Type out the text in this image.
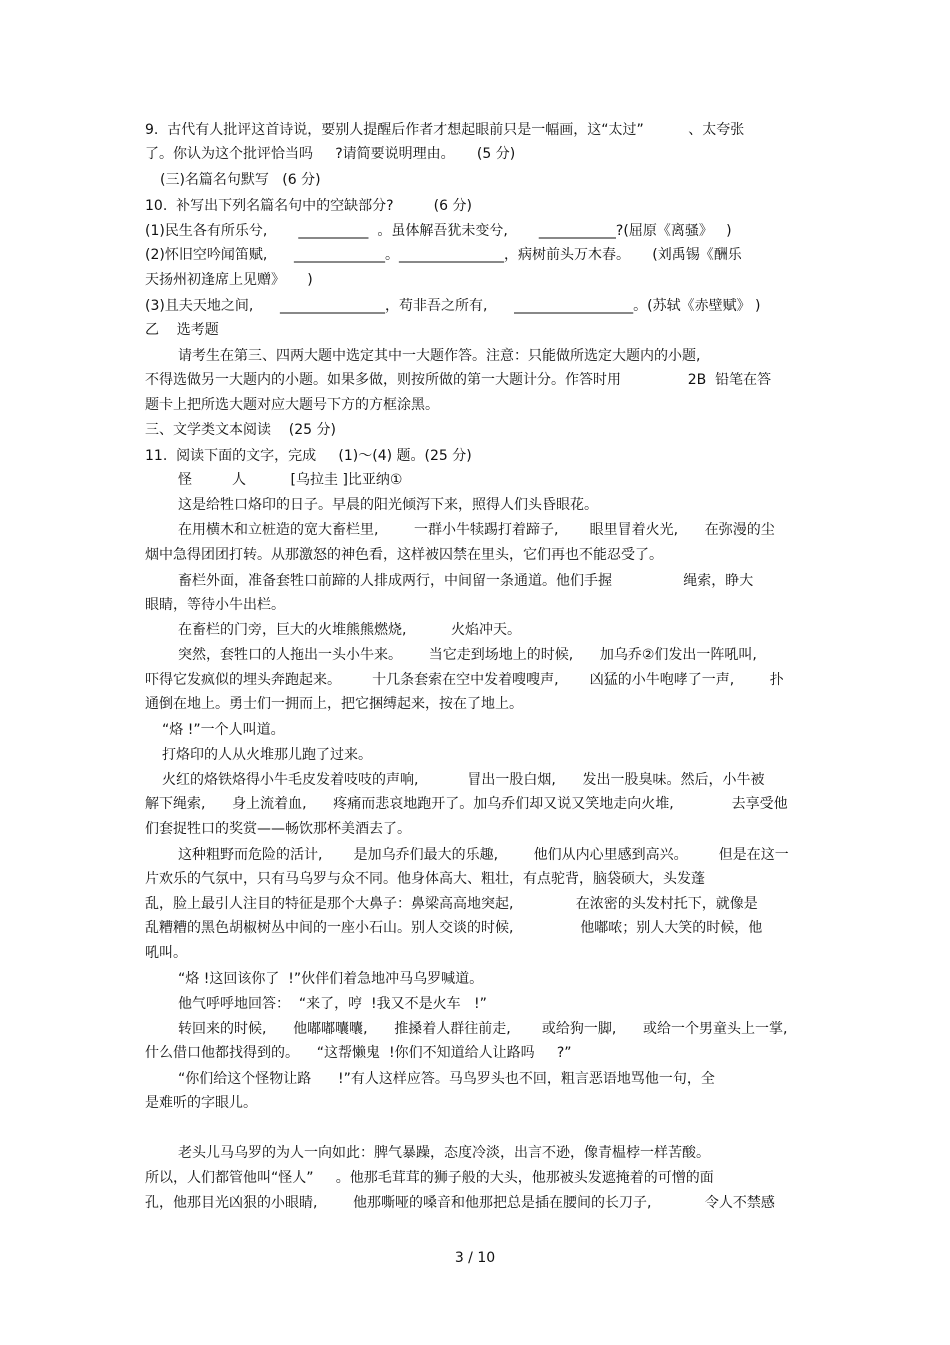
9.  古代有人批评这首诗说，要别人提醒后作者才想起眼前只是一幅画，这“太过”          、太夸张
了。你认为这个批评恰当吗     ?请简要说明理由。     (5 分)
(三)名篇名句默写   (6 分)
10.  补写出下列名篇名句中的空缺部分?         (6 分)
(1)民生各有所乐兮,       __________  。虽体解吾犹未变兮,       ___________?(屈原《离骚》   )
(2)怀旧空吟闻笛赋,      _____________。_______________，病树前头万木春。     (刘禹锡《酬乐
天扬州初逢席上见赠》     )
(3)且夫天地之间,      _______________，苟非吾之所有,      _________________。(苏轼《赤壁赋》 )
乙    选考题
请考生在第三、四两大题中选定其中一大题作答。注意：只能做所选定大题内的小题,
不得选做另一大题内的小题。如果多做，则按所做的第一大题计分。作答时用               2B  铅笔在答
题卡上把所选大题对应大题号下方的方框涂黑。
三、文学类文本阅读    (25 分)
11.  阅读下面的文字，完成     (1)～(4) 题。(25 分)
怪         人          [乌拉圭 ]比亚纳①
这是给牲口烙印的日子。早晨的阳光倾泻下来，照得人们头昏眼花。
在用横木和立桩造的宽大畜栏里,        一群小牛犊踢打着蹄子,       眼里冒着火光,      在弥漫的尘
烟中急得团团打转。从那激怒的神色看，这样被囚禁在里头，它们再也不能忍受了。
畜栏外面，准备套牲口前蹄的人排成两行，中间留一条通道。他们手握                绳索，睁大
眼睛，等待小牛出栏。
在畜栏的门旁，巨大的火堆熊熊燃烧,          火焰冲天。
突然，套牲口的人拖出一头小牛来。      当它走到场地上的时候,      加乌乔②们发出一阵吼叫,
吓得它发疯似的埋头奔跑起来。       十几条套索在空中发着嗖嗖声,       凶猛的小牛咆哮了一声,        扑
通倒在地上。勇士们一拥而上，把它捆缚起来，按在了地上。
“烙 !”一个人叫道。
打烙印的人从火堆那儿跑了过来。
火红的烙铁烙得小牛毛皮发着吱吱的声响,           冒出一股白烟,      发出一股臭味。然后，小牛被
解下绳索,      身上流着血,      疼痛而悲哀地跑开了。加乌乔们却又说又笑地走向火堆,             去享受他
们套捉牲口的奖赏——畅饮那杯美酒去了。
这种粗野而危险的活计,       是加乌乔们最大的乐趣,        他们从内心里感到高兴。       但是在这一
片欢乐的气氛中，只有马乌罗与众不同。他身体高大、粗壮，有点驼背，脑袋硕大，头发蓬
乱，脸上最引人注目的特征是那个大鼻子：鼻梁高高地突起,              在浓密的头发村托下，就像是
乱糟糟的黑色胡椒树丛中间的一座小石山。别人交谈的时候,               他嘟哝；别人大笑的时候，他
吼叫。
“烙 !这回该你了  !”伙伴们着急地冲马乌罗喊道。
他气呼呼地回答：  “来了，哼  !我又不是火车   !”
转回来的时候,      他嘟嘟囔囔,      推搡着人群往前走,       或给狗一脚,      或给一个男童头上一掌,
什么借口他都找得到的。    “这帮懒鬼  !你们不知道给人让路吗     ?”
“你们给这个怪物让路      !”有人这样应答。马鸟罗头也不回，粗言恶语地骂他一句，全
是难听的字眼儿。
老头儿马乌罗的为人一向如此：脾气暴躁，态度冷淡，出言不逊，像青榅桲一样苦酸。
所以，人们都管他叫“怪人”     。他那毛茸茸的狮子般的大头，他那被头发遮掩着的可憎的面
孔，他那目光凶狠的小眼睛,        他那嘶哑的嗓音和他那把总是插在腰间的长刀子,            令人不禁感
3 / 10
